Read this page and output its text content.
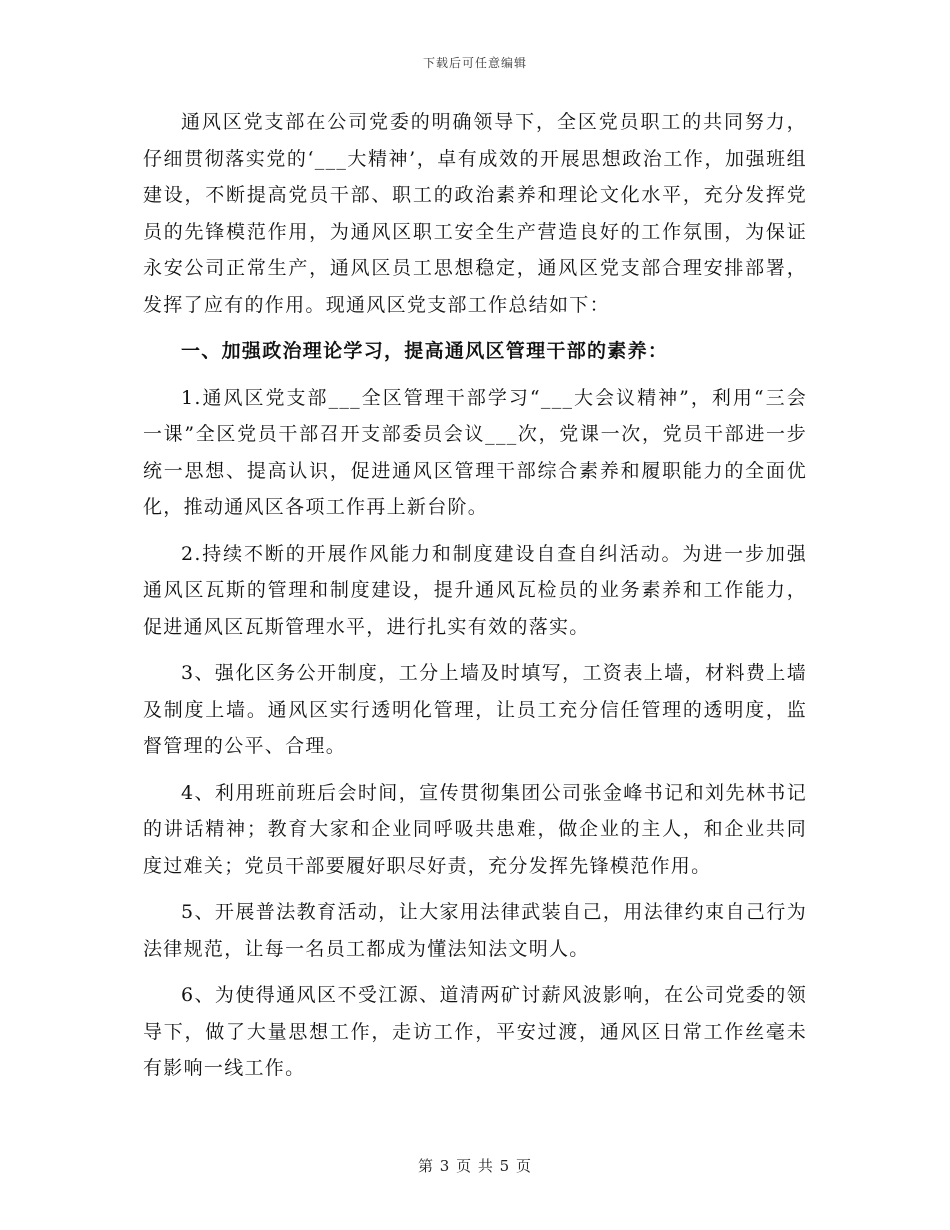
下载后可任意编辑

通风区党支部在公司党委的明确领导下，全区党员职工的共同努力，仔细贯彻落实党的‘___大精神’，卓有成效的开展思想政治工作，加强班组建设，不断提高党员干部、职工的政治素养和理论文化水平，充分发挥党员的先锋模范作用，为通风区职工安全生产营造良好的工作氛围，为保证永安公司正常生产，通风区员工思想稳定，通风区党支部合理安排部署，发挥了应有的作用。现通风区党支部工作总结如下：

一、加强政治理论学习，提高通风区管理干部的素养：

1.通风区党支部___全区管理干部学习“___大会议精神”，利用“三会一课”全区党员干部召开支部委员会议___次，党课一次，党员干部进一步统一思想、提高认识，促进通风区管理干部综合素养和履职能力的全面优化，推动通风区各项工作再上新台阶。

2.持续不断的开展作风能力和制度建设自查自纠活动。为进一步加强通风区瓦斯的管理和制度建设，提升通风瓦检员的业务素养和工作能力，促进通风区瓦斯管理水平，进行扎实有效的落实。

3、强化区务公开制度，工分上墙及时填写，工资表上墙，材料费上墙及制度上墙。通风区实行透明化管理，让员工充分信任管理的透明度，监督管理的公平、合理。

4、利用班前班后会时间，宣传贯彻集团公司张金峰书记和刘先林书记的讲话精神；教育大家和企业同呼吸共患难，做企业的主人，和企业共同度过难关；党员干部要履好职尽好责，充分发挥先锋模范作用。

5、开展普法教育活动，让大家用法律武装自己，用法律约束自己行为法律规范，让每一名员工都成为懂法知法文明人。

6、为使得通风区不受江源、道清两矿讨薪风波影响，在公司党委的领导下，做了大量思想工作，走访工作，平安过渡，通风区日常工作丝毫未有影响一线工作。

第 3 页 共 5 页
